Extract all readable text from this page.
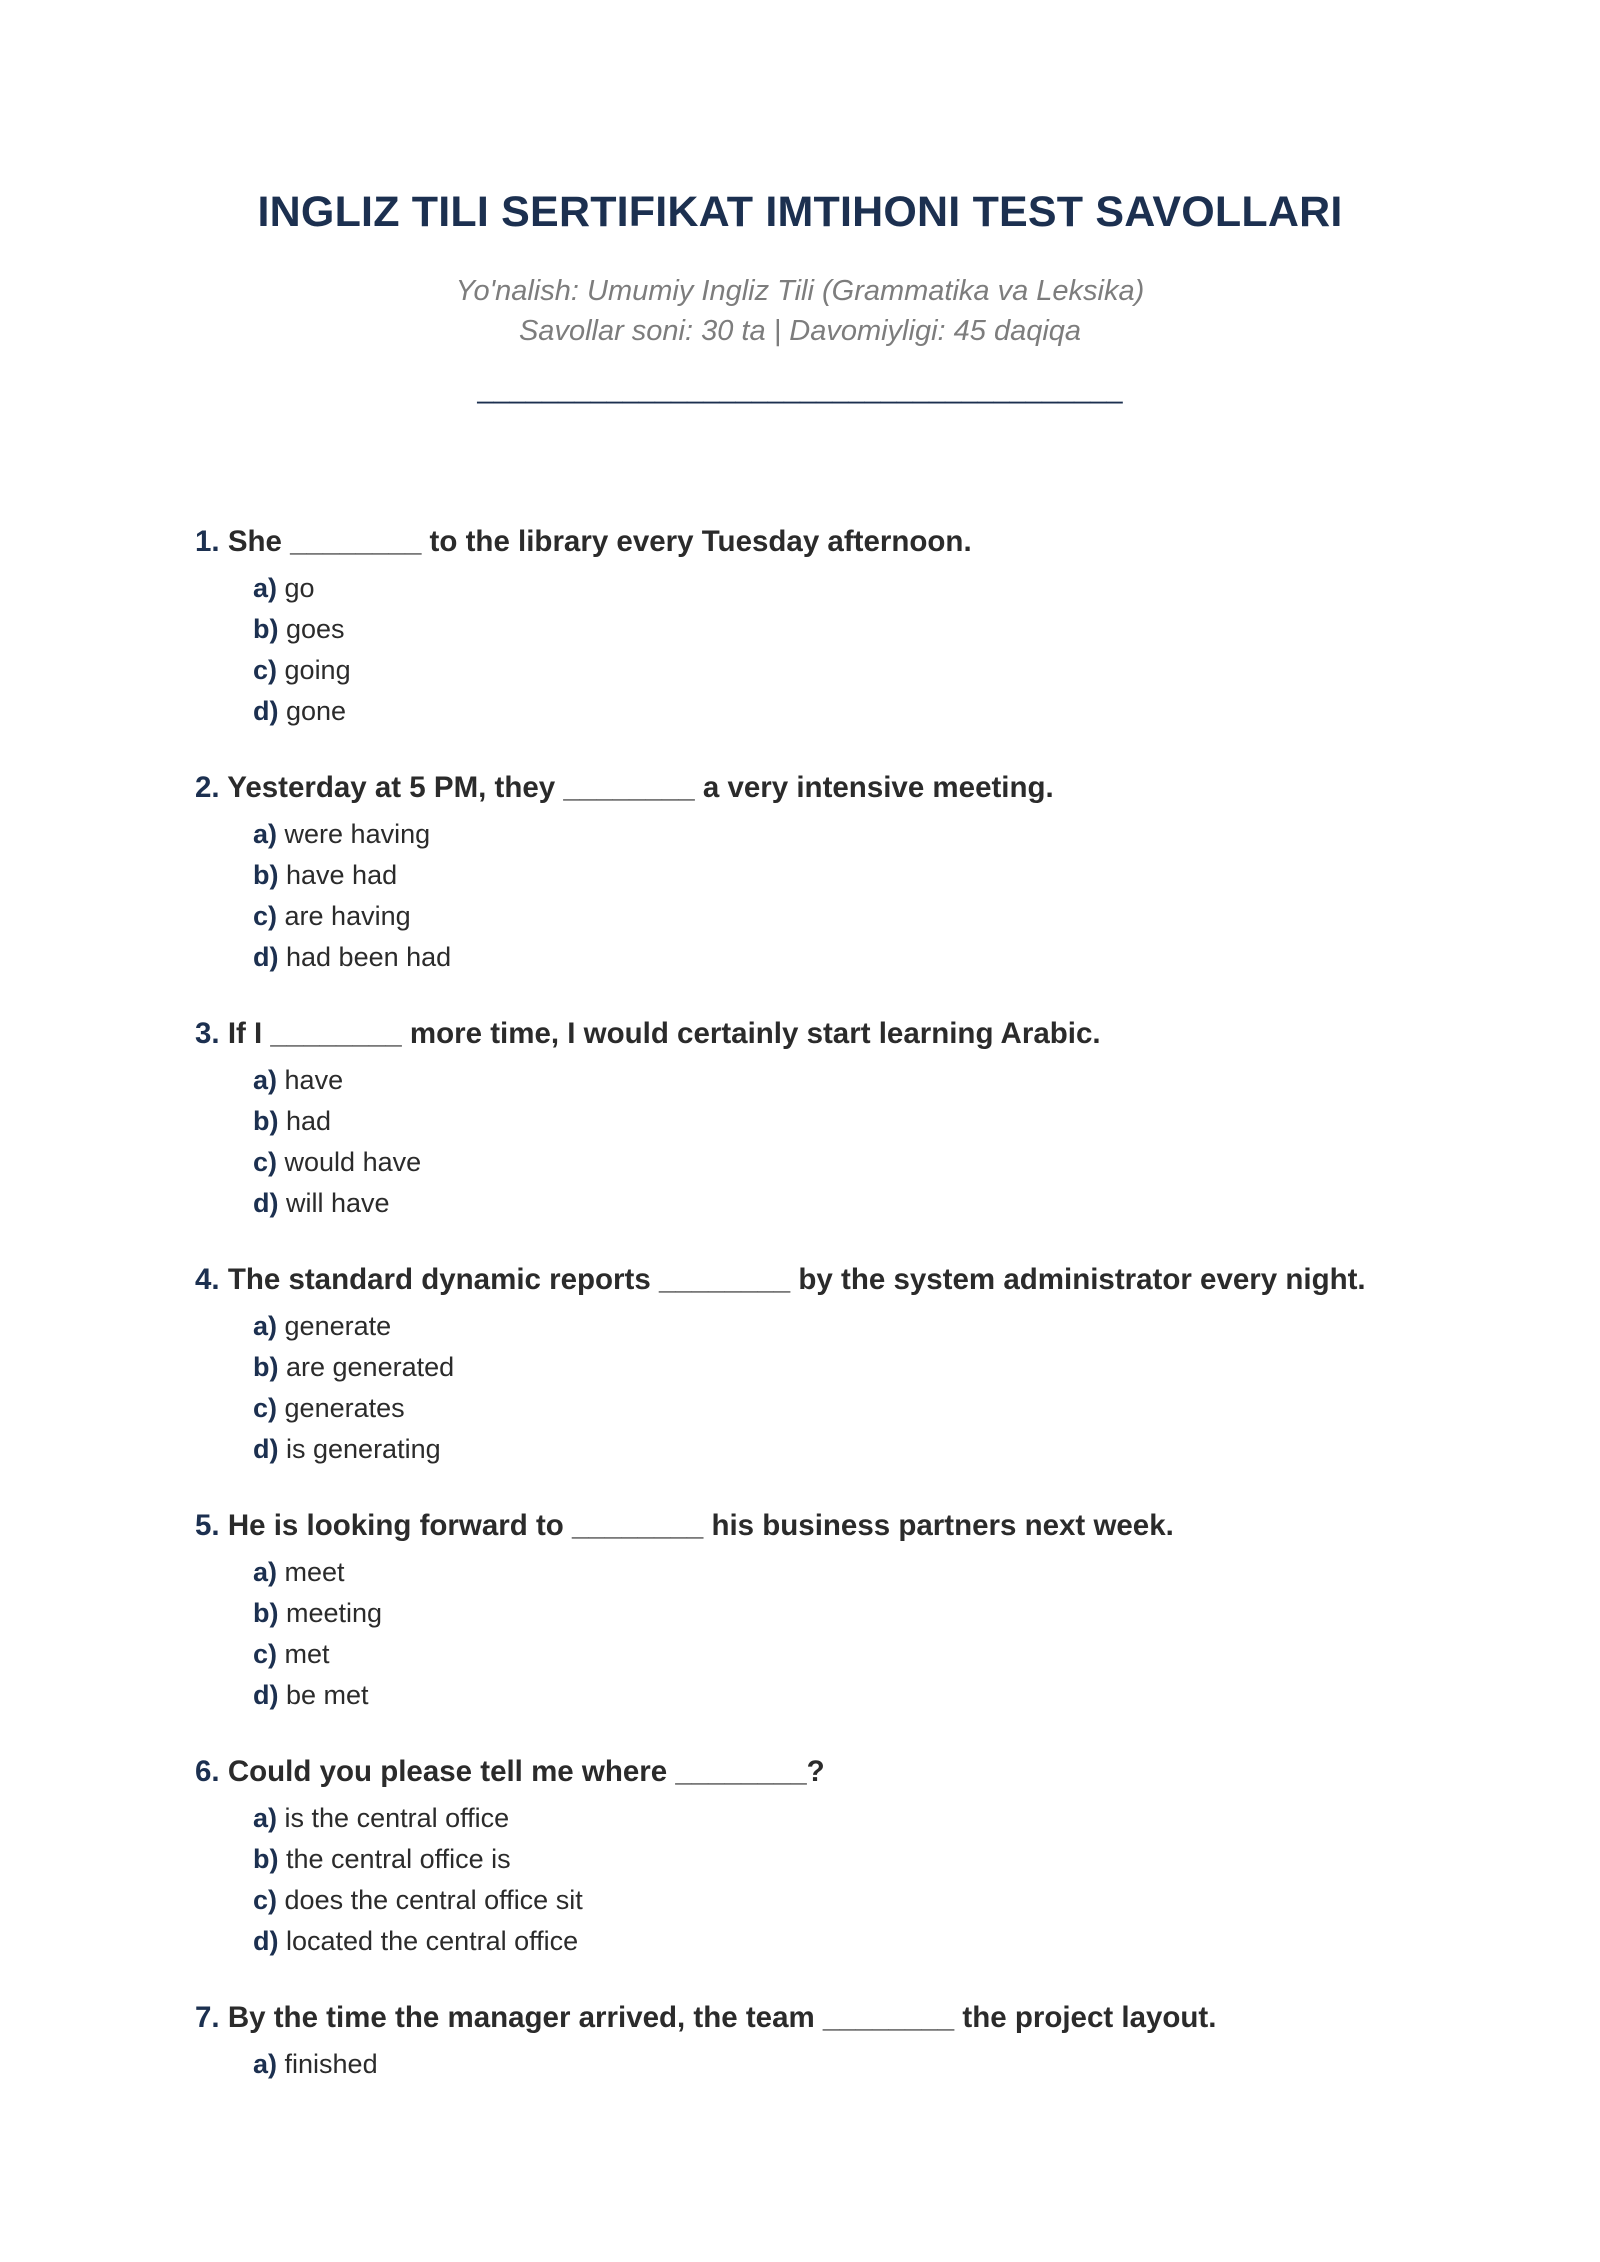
INGLIZ TILI SERTIFIKAT IMTIHONI TEST SAVOLLARI
Yo'nalish: Umumiy Ingliz Tili (Grammatika va Leksika)
Savollar soni: 30 ta | Davomiyligi: 45 daqiqa
________________________________________
1. She ________ to the library every Tuesday afternoon.
a) go
b) goes
c) going
d) gone
2. Yesterday at 5 PM, they ________ a very intensive meeting.
a) were having
b) have had
c) are having
d) had been had
3. If I ________ more time, I would certainly start learning Arabic.
a) have
b) had
c) would have
d) will have
4. The standard dynamic reports ________ by the system administrator every night.
a) generate
b) are generated
c) generates
d) is generating
5. He is looking forward to ________ his business partners next week.
a) meet
b) meeting
c) met
d) be met
6. Could you please tell me where ________?
a) is the central office
b) the central office is
c) does the central office sit
d) located the central office
7. By the time the manager arrived, the team ________ the project layout.
a) finished
